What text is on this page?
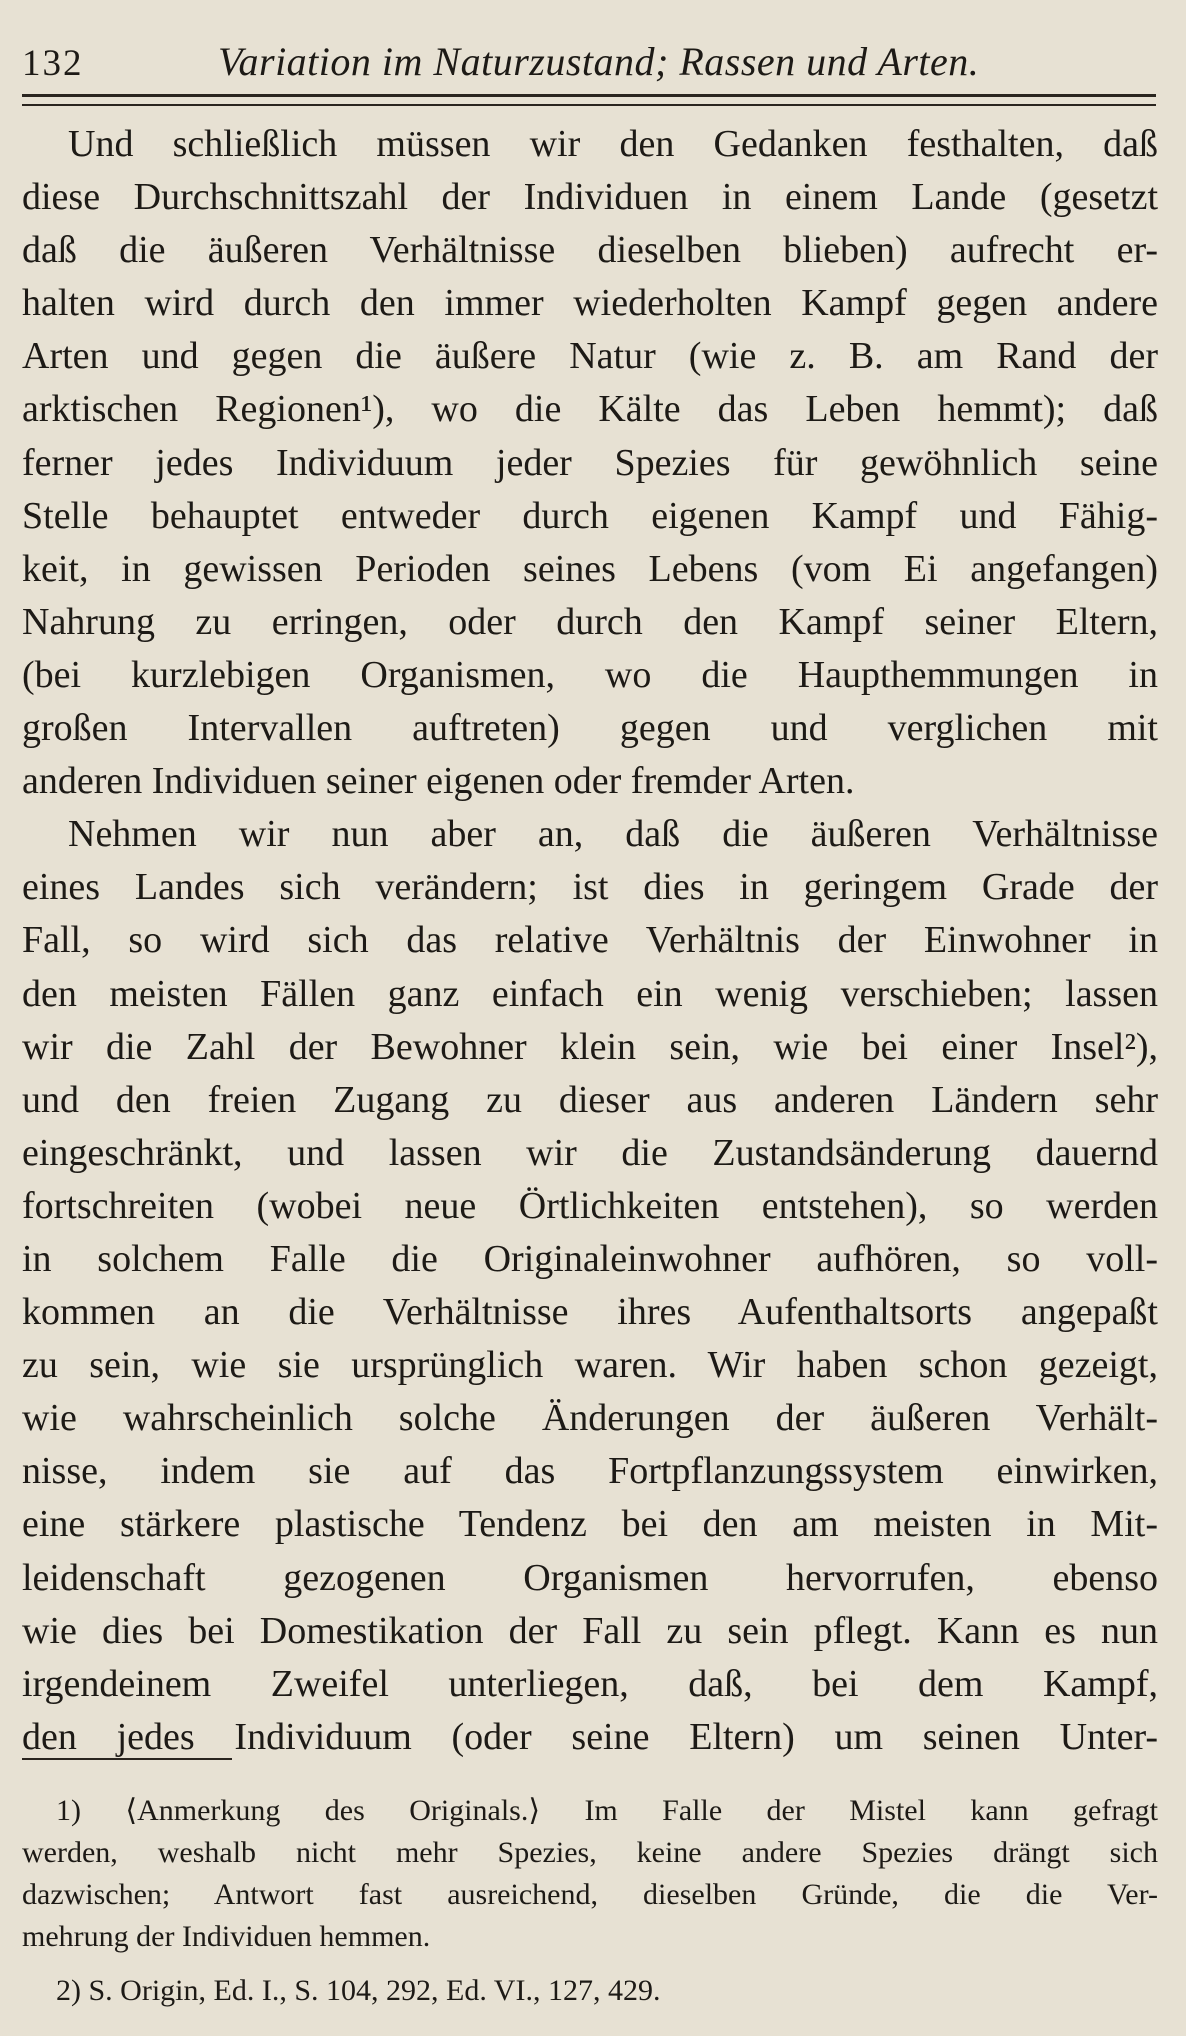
132	Variation im Naturzustand; Rassen und Arten.
Und schließlich müssen wir den Gedanken festhalten, daß
diese Durchschnittszahl der Individuen in einem Lande (gesetzt
daß die äußeren Verhältnisse dieselben blieben) aufrecht er-
halten wird durch den immer wiederholten Kampf gegen andere
Arten und gegen die äußere Natur (wie z. B. am Rand der
arktischen Regionen¹), wo die Kälte das Leben hemmt); daß
ferner jedes Individuum jeder Spezies für gewöhnlich seine
Stelle behauptet entweder durch eigenen Kampf und Fähig-
keit, in gewissen Perioden seines Lebens (vom Ei angefangen)
Nahrung zu erringen, oder durch den Kampf seiner Eltern,
(bei kurzlebigen Organismen, wo die Haupthemmungen in
großen Intervallen auftreten) gegen und verglichen mit
anderen Individuen seiner eigenen oder fremder Arten.
Nehmen wir nun aber an, daß die äußeren Verhältnisse
eines Landes sich verändern; ist dies in geringem Grade der
Fall, so wird sich das relative Verhältnis der Einwohner in
den meisten Fällen ganz einfach ein wenig verschieben; lassen
wir die Zahl der Bewohner klein sein, wie bei einer Insel²),
und den freien Zugang zu dieser aus anderen Ländern sehr
eingeschränkt, und lassen wir die Zustandsänderung dauernd
fortschreiten (wobei neue Örtlichkeiten entstehen), so werden
in solchem Falle die Originaleinwohner aufhören, so voll-
kommen an die Verhältnisse ihres Aufenthaltsorts angepaßt
zu sein, wie sie ursprünglich waren. Wir haben schon gezeigt,
wie wahrscheinlich solche Änderungen der äußeren Verhält-
nisse, indem sie auf das Fortpflanzungssystem einwirken,
eine stärkere plastische Tendenz bei den am meisten in Mit-
leidenschaft gezogenen Organismen hervorrufen, ebenso
wie dies bei Domestikation der Fall zu sein pflegt. Kann es nun
irgendeinem Zweifel unterliegen, daß, bei dem Kampf,
den jedes Individuum (oder seine Eltern) um seinen Unter-
1) ⟨Anmerkung des Originals.⟩ Im Falle der Mistel kann gefragt
werden, weshalb nicht mehr Spezies, keine andere Spezies drängt sich
dazwischen; Antwort fast ausreichend, dieselben Gründe, die die Ver-
mehrung der Individuen hemmen.
2) S. Origin, Ed. I., S. 104, 292, Ed. VI., 127, 429.
